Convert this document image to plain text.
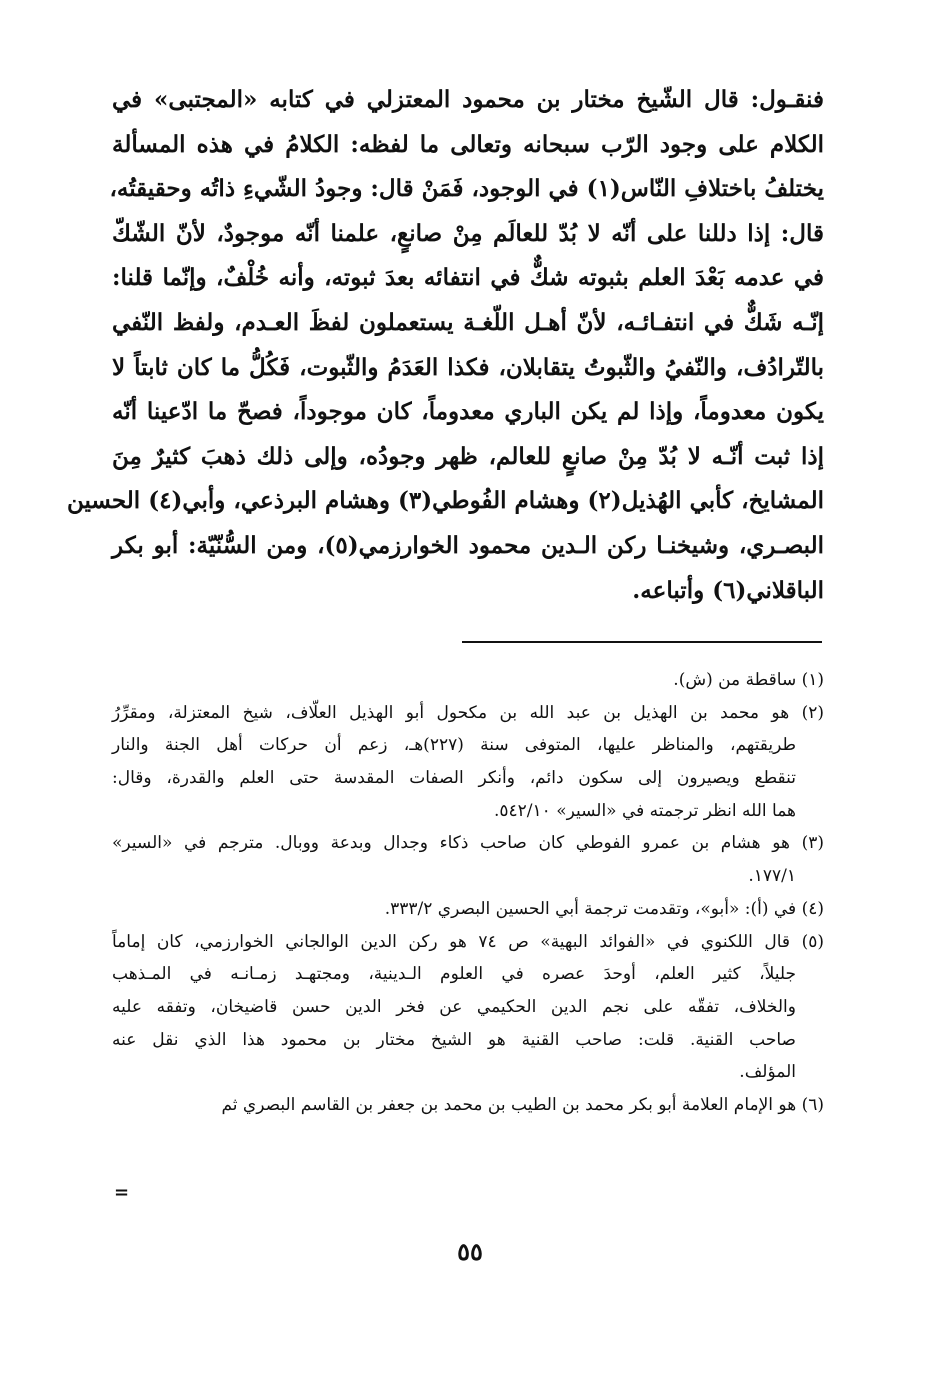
فنقـول: قال الشّيخ مختار بن محمود المعتزلي في كتابه «المجتبى» في
الكلام على وجود الرّب سبحانه وتعالى ما لفظه: الكلامُ في هذه المسألة
يختلفُ باختلافِ النّاس(١) في الوجود، فَمَنْ قال: وجودُ الشّيءِ ذاتُه وحقيقتُه،
قال: إذا دللنا على أنّه لا بُدّ للعالَم مِنْ صانعٍ، علمنا أنّه موجودٌ، لأنّ الشّكّ
في عدمه بَعْدَ العلم بثبوته شكٌّ في انتفائه بعدَ ثبوته، وأنه خُلْفٌ، وإنّما قلنا:
إنّـه شَكٌّ في انتفـائـه، لأنّ أهـل اللّغـة يستعملون لفظَ العـدم، ولفظ النّفي
بالتّرادُف، والنّفيُ والثّبوتُ يتقابلان، فكذا العَدَمُ والثّبوت، فَكُلُّ ما كان ثابتاً لا
يكون معدوماً، وإذا لم يكن الباري معدوماً، كان موجوداً، فصحّ ما ادّعينا أنّه
إذا ثبت أنّـه لا بُدّ مِنْ صانعٍ للعالم، ظهر وجودُه، وإلى ذلك ذهبَ كثيرٌ مِنَ
المشايخ، كأبي الهُذيل(٢) وهشام الفُوطي(٣) وهشام البرذعي، وأبي(٤) الحسين
البصـري، وشيخنـا ركن الـدين محمود الخوارزمي(٥)، ومن السُّنّيّة: أبو بكر
الباقلاني(٦) وأتباعه.
(١) ساقطة من (ش).
(٢) هو محمد بن الهذيل بن عبد الله بن مكحول أبو الهذيل العلّاف، شيخ المعتزلة، ومقرِّرُ
طريقتهم، والمناظر عليها، المتوفى سنة (٢٢٧)هـ، زعم أن حركات أهل الجنة والنار
تنقطع ويصيرون إلى سكون دائم، وأنكر الصفات المقدسة حتى العلم والقدرة، وقال:
هما الله انظر ترجمته في «السير» ٥٤٢/١٠.
(٣) هو هشام بن عمرو الفوطي كان صاحب ذكاء وجدال وبدعة ووبال. مترجم في «السير»
١٧٧/١.
(٤) في (أ): «أبو»، وتقدمت ترجمة أبي الحسين البصري ٣٣٣/٢.
(٥) قال اللكنوي في «الفوائد البهية» ص ٧٤ هو ركن الدين الوالجاني الخوارزمي، كان إماماً
جليلاً، كثير العلم، أوحدَ عصره في العلوم الـدينية، ومجتهـد زمـانـه في المـذهب
والخلاف، تفقّه على نجم الدين الحكيمي عن فخر الدين حسن قاضيخان، وتفقه عليه
صاحب القنية. قلت: صاحب القنية هو الشيخ مختار بن محمود هذا الذي نقل عنه
المؤلف.
(٦) هو الإمام العلامة أبو بكر محمد بن الطيب بن محمد بن جعفر بن القاسم البصري ثم
=
٥٥
